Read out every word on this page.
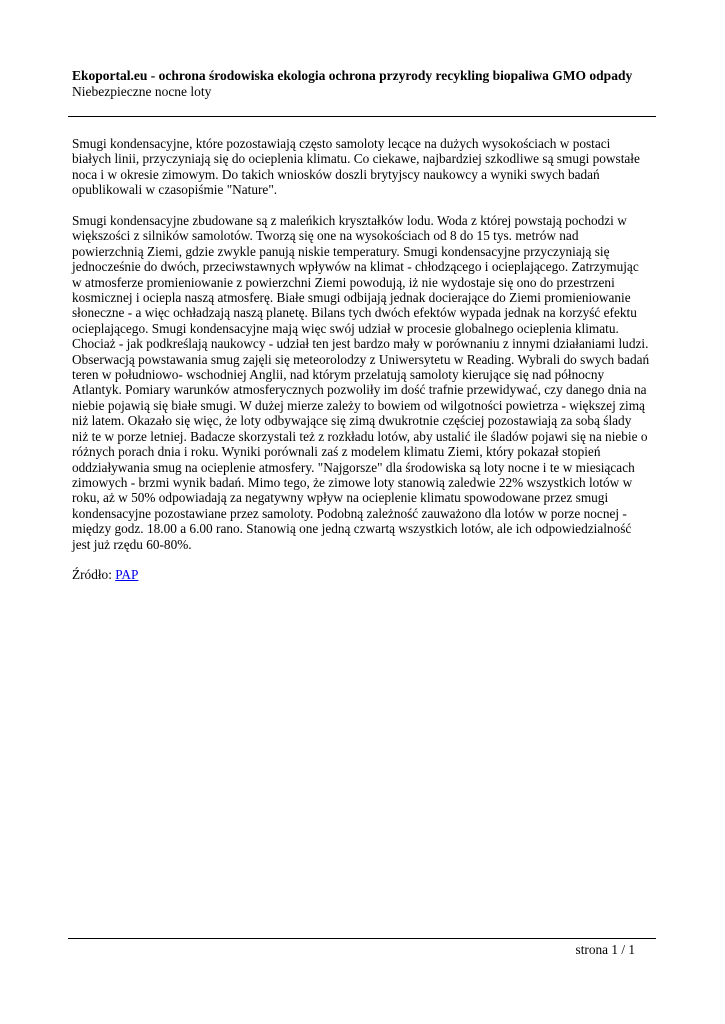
Ekoportal.eu - ochrona środowiska ekologia ochrona przyrody recykling biopaliwa GMO odpady
Niebezpieczne nocne loty

Smugi kondensacyjne, które pozostawiają często samoloty lecące na dużych wysokościach w postaci białych linii, przyczyniają się do ocieplenia klimatu. Co ciekawe, najbardziej szkodliwe są smugi powstałe noca i w okresie zimowym. Do takich wniosków doszli brytyjscy naukowcy a wyniki swych badań opublikowali w czasopiśmie "Nature".

Smugi kondensacyjne zbudowane są z maleńkich kryształków lodu. Woda z której powstają pochodzi w większości z silników samolotów. Tworzą się one na wysokościach od 8 do 15 tys. metrów nad powierzchnią Ziemi, gdzie zwykle panują niskie temperatury. Smugi kondensacyjne przyczyniają się jednocześnie do dwóch, przeciwstawnych wpływów na klimat - chłodzącego i ocieplającego. Zatrzymując w atmosferze promieniowanie z powierzchni Ziemi powodują, iż nie wydostaje się ono do przestrzeni kosmicznej i ociepla naszą atmosferę. Białe smugi odbijają jednak docierające do Ziemi promieniowanie słoneczne - a więc ochładzają naszą planetę. Bilans tych dwóch efektów wypada jednak na korzyść efektu ocieplającego. Smugi kondensacyjne mają więc swój udział w procesie globalnego ocieplenia klimatu. Chociaż - jak podkreślają naukowcy - udział ten jest bardzo mały w porównaniu z innymi działaniami ludzi. Obserwacją powstawania smug zajęli się meteorolodzy z Uniwersytetu w Reading. Wybrali do swych badań teren w południowo- wschodniej Anglii, nad którym przelatują samoloty kierujące się nad północny Atlantyk. Pomiary warunków atmosferycznych pozwoliły im dość trafnie przewidywać, czy danego dnia na niebie pojawią się białe smugi. W dużej mierze zależy to bowiem od wilgotności powietrza - większej zimą niż latem. Okazało się więc, że loty odbywające się zimą dwukrotnie częściej pozostawiają za sobą ślady niż te w porze letniej. Badacze skorzystali też z rozkładu lotów, aby ustalić ile śladów pojawi się na niebie o różnych porach dnia i roku. Wyniki porównali zaś z modelem klimatu Ziemi, który pokazał stopień oddziaływania smug na ocieplenie atmosfery. "Najgorsze" dla środowiska są loty nocne i te w miesiącach zimowych - brzmi wynik badań. Mimo tego, że zimowe loty stanowią zaledwie 22% wszystkich lotów w roku, aż w 50% odpowiadają za negatywny wpływ na ocieplenie klimatu spowodowane przez smugi kondensacyjne pozostawiane przez samoloty. Podobną zależność zauważono dla lotów w porze nocnej - między godz. 18.00 a 6.00 rano. Stanowią one jedną czwartą wszystkich lotów, ale ich odpowiedzialność jest już rzędu 60-80%.

Źródło: PAP

strona 1 / 1
